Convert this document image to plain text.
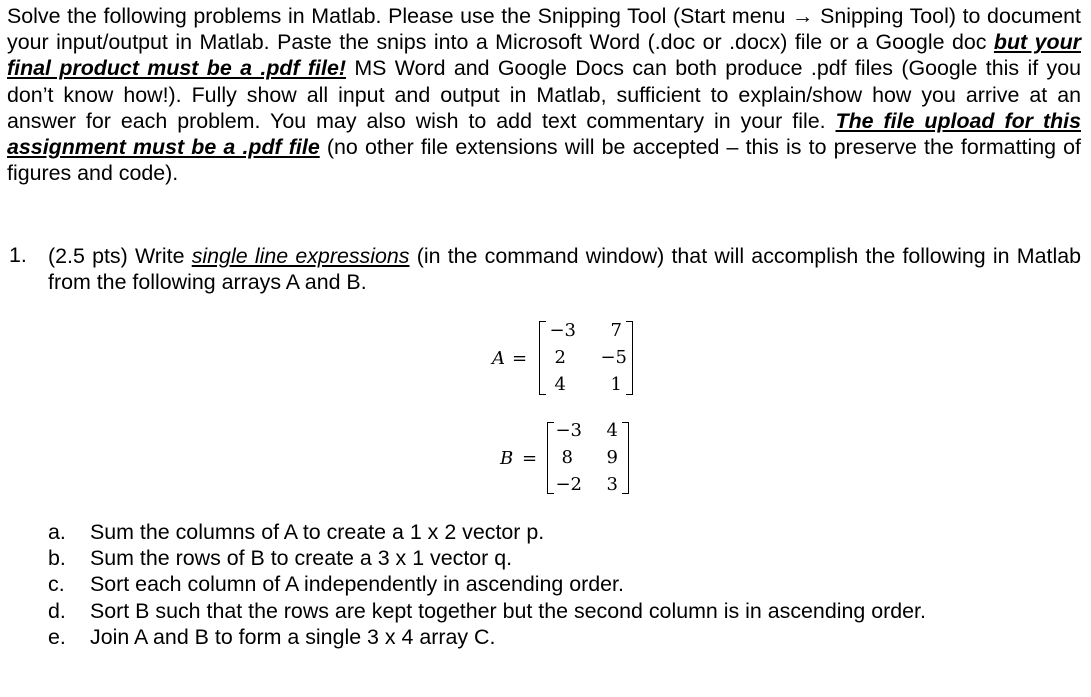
Solve the following problems in Matlab. Please use the Snipping Tool (Start menu → Snipping Tool) to document your input/output in Matlab. Paste the snips into a Microsoft Word (.doc or .docx) file or a Google doc but your final product must be a .pdf file! MS Word and Google Docs can both produce .pdf files (Google this if you don’t know how!). Fully show all input and output in Matlab, sufficient to explain/show how you arrive at an answer for each problem. You may also wish to add text commentary in your file. The file upload for this assignment must be a .pdf file (no other file extensions will be accepted – this is to preserve the formatting of figures and code).
1. (2.5 pts) Write single line expressions (in the command window) that will accomplish the following in Matlab from the following arrays A and B.
A =
−3	7
2	−5
4	1
B =
−3	4
8	9
−2	3
a.	Sum the columns of A to create a 1 x 2 vector p.
b.	Sum the rows of B to create a 3 x 1 vector q.
c.	Sort each column of A independently in ascending order.
d.	Sort B such that the rows are kept together but the second column is in ascending order.
e.	Join A and B to form a single 3 x 4 array C.
